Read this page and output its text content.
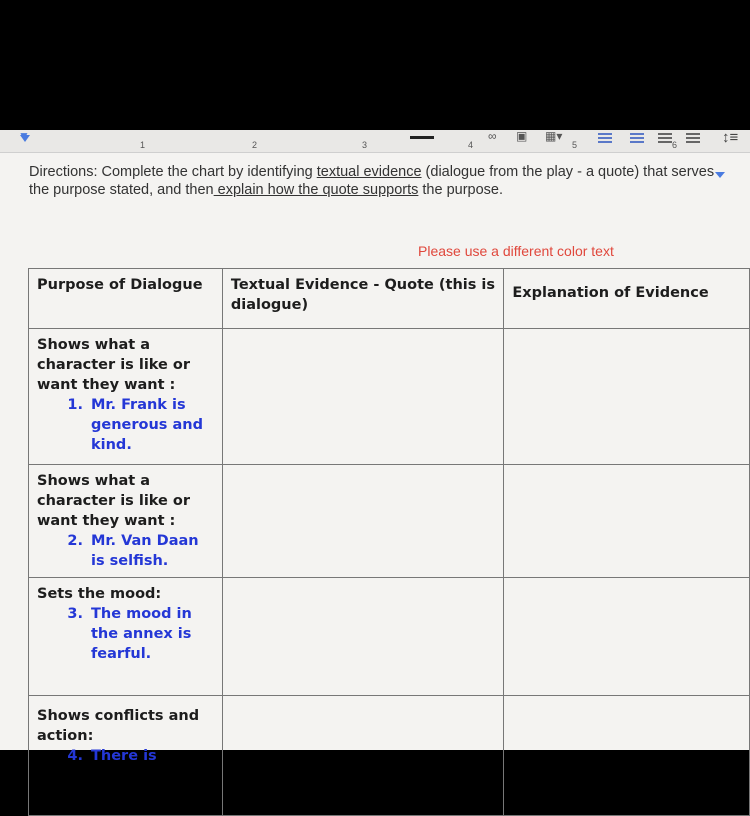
▼	∞ ▣ ▦▾	↕≡
1	2	3	4	5	6
Directions: Complete the chart by identifying textual evidence (dialogue from the play - a quote) that serves the purpose stated, and then explain how the quote supports the purpose.
Please use a different color text
Purpose of Dialogue	Textual Evidence - Quote (this is dialogue)	Explanation of Evidence

Shows what a character is like or want they want :
1. Mr. Frank is generous and kind.		

Shows what a character is like or want they want :
2. Mr. Van Daan is selfish.		

Sets the mood:
3. The mood in the annex is fearful.		

Shows conflicts and action:
4. There is		
